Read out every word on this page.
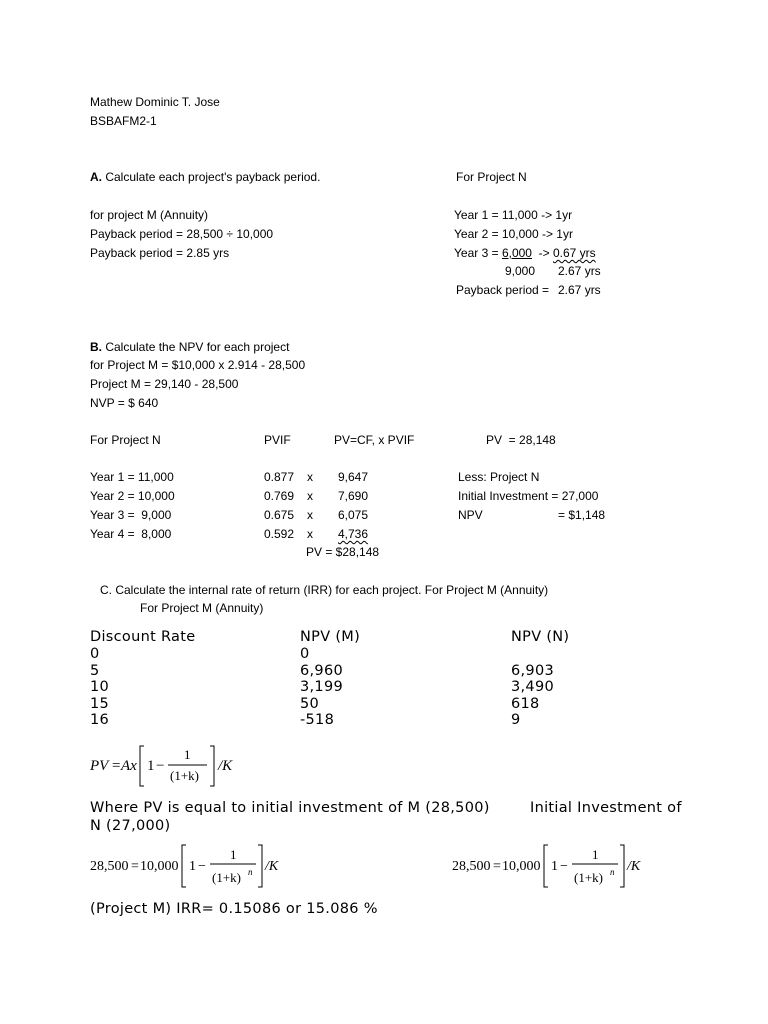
Mathew Dominic T. Jose
BSBAFM2-1
A. Calculate each project's payback period.
for project M (Annuity)
Payback period = 28,500 ÷ 10,000
Payback period = 2.85 yrs
For Project N
Year 1 = 11,000 -> 1yr
Year 2 = 10,000 -> 1yr
Year 3 = 6,000  -> 0.67 yrs
9,000 2.67 yrs
Payback period = 2.67 yrs
B. Calculate the NPV for each project
for Project M = $10,000 x 2.914 - 28,500
Project M = 29,140 - 28,500
NVP = $ 640
For Project N	PVIF	PV=CF, x PVIF	PV  = 28,148
Year 1 = 11,000	0.877 x 9,647
Year 2 = 10,000	0.769 x 7,690
Year 3 =  9,000	0.675 x 6,075
Year 4 =  8,000	0.592 x 4,736
PV = $28,148
Less: Project N
Initial Investment = 27,000
NPV	= $1,148
C. Calculate the internal rate of return (IRR) for each project. For Project M (Annuity)
For Project M (Annuity)
Discount Rate	NPV (M)	NPV (N)
0	0
5	6,960	6,903
10	3,199	3,490
15	50	618
16	-518	9
PV = Ax 1 −
1
(1+k)
/K
Where PV is equal to initial investment of M (28,500)	Initial Investment of
N (27,000)
28,500 = 10,000 1 −
1
(1+k) n /K	28,500 = 10,000 1 −
1
(1+k) n /K
(Project M) IRR= 0.15086 or 15.086 %
